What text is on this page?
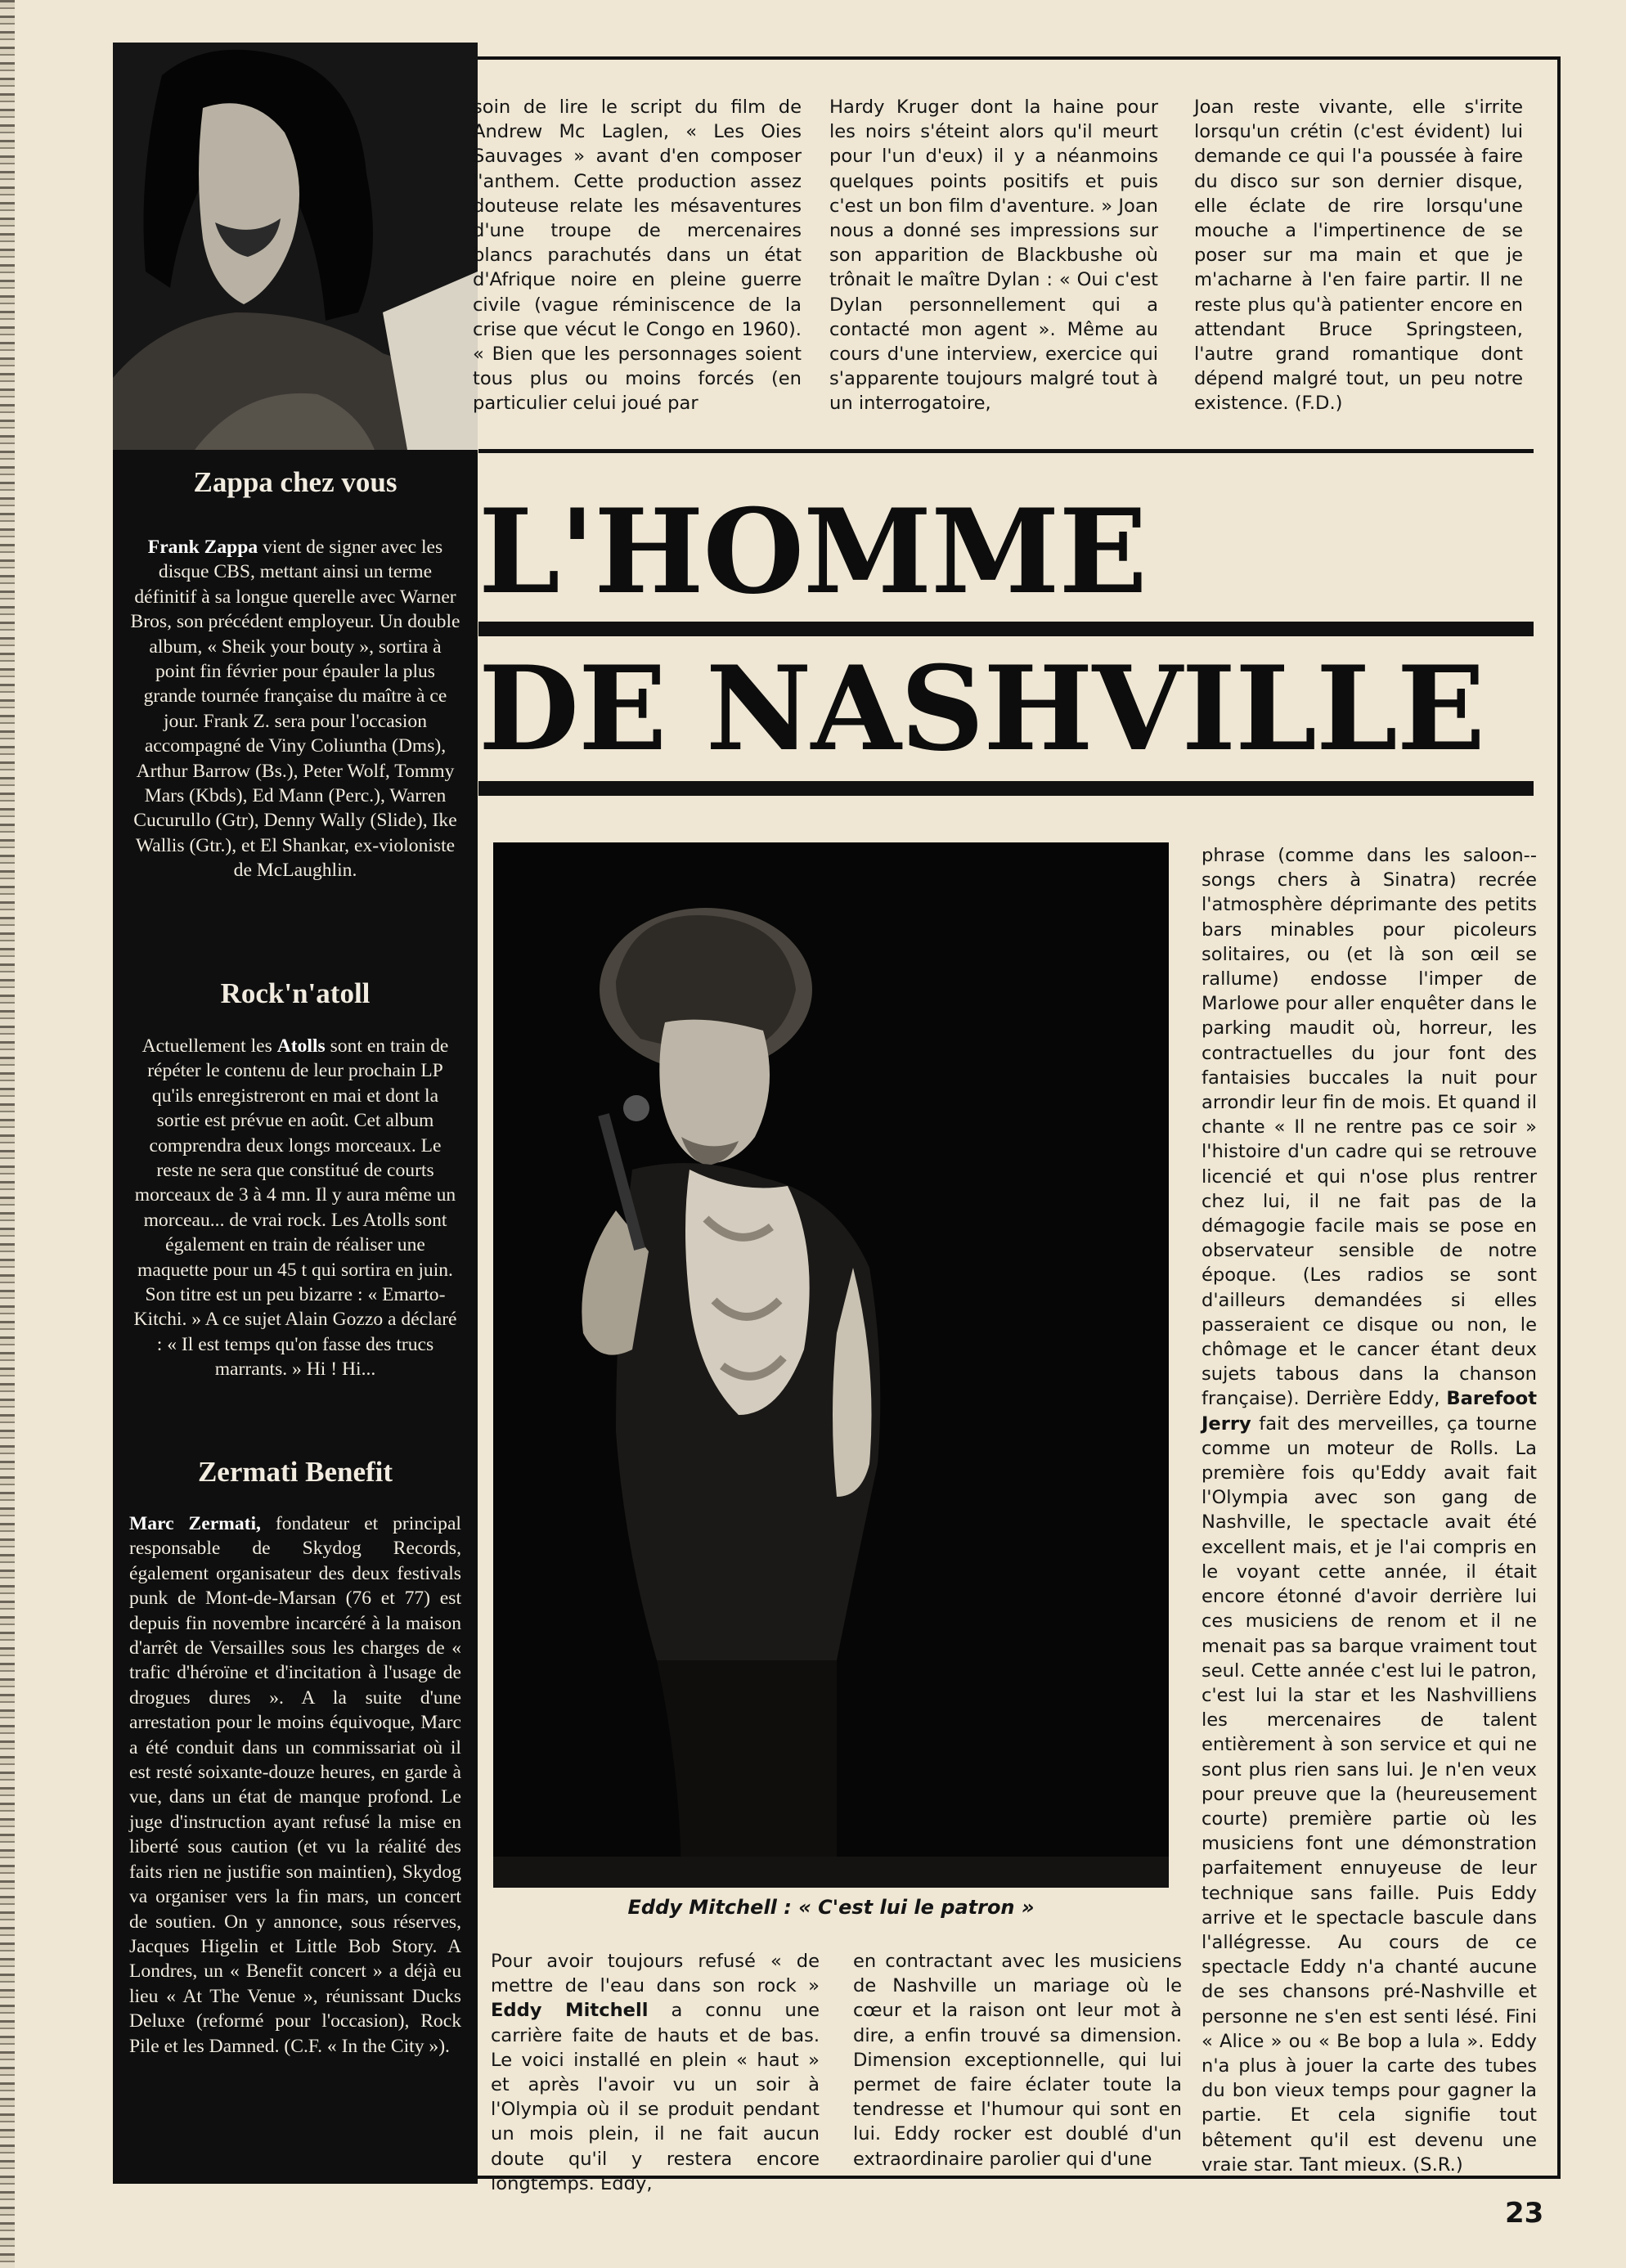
Zappa chez vous

Frank Zappa vient de signer avec les disque CBS, mettant ainsi un terme définitif à sa longue querelle avec Warner Bros, son précédent employeur. Un double album, « Sheik your bouty », sortira à point fin février pour épauler la plus grande tournée française du maître à ce jour. Frank Z. sera pour l'occasion accompagné de Viny Coliuntha (Dms), Arthur Barrow (Bs.), Peter Wolf, Tommy Mars (Kbds), Ed Mann (Perc.), Warren Cucurullo (Gtr), Denny Wally (Slide), Ike Wallis (Gtr.), et El Shankar, ex-violoniste de McLaughlin.

Rock'n'atoll

Actuellement les Atolls sont en train de répéter le contenu de leur prochain LP qu'ils enregistreront en mai et dont la sortie est prévue en août. Cet album comprendra deux longs morceaux. Le reste ne sera que constitué de courts morceaux de 3 à 4 mn. Il y aura même un morceau... de vrai rock. Les Atolls sont également en train de réaliser une maquette pour un 45 t qui sortira en juin. Son titre est un peu bizarre : « Emarto-Kitchi. » A ce sujet Alain Gozzo a déclaré : « Il est temps qu'on fasse des trucs marrants. » Hi ! Hi...

Zermati Benefit

Marc Zermati, fondateur et principal responsable de Skydog Records, également organisateur des deux festivals punk de Mont-de-Marsan (76 et 77) est depuis fin novembre incarcéré à la maison d'arrêt de Versailles sous les charges de « trafic d'héroïne et d'incitation à l'usage de drogues dures ». A la suite d'une arrestation pour le moins équivoque, Marc a été conduit dans un commissariat où il est resté soixante-douze heures, en garde à vue, dans un état de manque profond. Le juge d'instruction ayant refusé la mise en liberté sous caution (et vu la réalité des faits rien ne justifie son maintien), Skydog va organiser vers la fin mars, un concert de soutien. On y annonce, sous réserves, Jacques Higelin et Little Bob Story. A Londres, un « Benefit concert » a déjà eu lieu « At The Venue », réunissant Ducks Deluxe (reformé pour l'occasion), Rock Pile et les Damned. (C.F. « In the City »).

soin de lire le script du film de Andrew Mc Laglen, « Les Oies Sauvages » avant d'en composer l'anthem. Cette production assez douteuse relate les mésaventures d'une troupe de mercenaires blancs parachutés dans un état d'Afrique noire en pleine guerre civile (vague réminiscence de la crise que vécut le Congo en 1960). « Bien que les personnages soient tous plus ou moins forcés (en particulier celui joué par

Hardy Kruger dont la haine pour les noirs s'éteint alors qu'il meurt pour l'un d'eux) il y a néanmoins quelques points positifs et puis c'est un bon film d'aventure. » Joan nous a donné ses impressions sur son apparition de Blackbushe où trônait le maître Dylan : « Oui c'est Dylan personnellement qui a contacté mon agent ». Même au cours d'une interview, exercice qui s'apparente toujours malgré tout à un interrogatoire,

Joan reste vivante, elle s'irrite lorsqu'un crétin (c'est évident) lui demande ce qui l'a poussée à faire du disco sur son dernier disque, elle éclate de rire lorsqu'une mouche a l'impertinence de se poser sur ma main et que je m'acharne à l'en faire partir. Il ne reste plus qu'à patienter encore en attendant Bruce Springsteen, l'autre grand romantique dont dépend malgré tout, un peu notre existence. (F.D.)

L'HOMME
DE NASHVILLE

Eddy Mitchell : « C'est lui le patron »

Pour avoir toujours refusé « de mettre de l'eau dans son rock » Eddy Mitchell a connu une carrière faite de hauts et de bas. Le voici installé en plein « haut » et après l'avoir vu un soir à l'Olympia où il se produit pendant un mois plein, il ne fait aucun doute qu'il y restera encore longtemps. Eddy,

en contractant avec les musiciens de Nashville un mariage où le cœur et la raison ont leur mot à dire, a enfin trouvé sa dimension. Dimension exceptionnelle, qui lui permet de faire éclater toute la tendresse et l'humour qui sont en lui. Eddy rocker est doublé d'un extraordinaire parolier qui d'une

phrase (comme dans les saloon--songs chers à Sinatra) recrée l'atmosphère déprimante des petits bars minables pour picoleurs solitaires, ou (et là son œil se rallume) endosse l'imper de Marlowe pour aller enquêter dans le parking maudit où, horreur, les contractuelles du jour font des fantaisies buccales la nuit pour arrondir leur fin de mois. Et quand il chante « Il ne rentre pas ce soir » l'histoire d'un cadre qui se retrouve licencié et qui n'ose plus rentrer chez lui, il ne fait pas de la démagogie facile mais se pose en observateur sensible de notre époque. (Les radios se sont d'ailleurs demandées si elles passeraient ce disque ou non, le chômage et le cancer étant deux sujets tabous dans la chanson française). Derrière Eddy, Barefoot Jerry fait des merveilles, ça tourne comme un moteur de Rolls. La première fois qu'Eddy avait fait l'Olympia avec son gang de Nashville, le spectacle avait été excellent mais, et je l'ai compris en le voyant cette année, il était encore étonné d'avoir derrière lui ces musiciens de renom et il ne menait pas sa barque vraiment tout seul. Cette année c'est lui le patron, c'est lui la star et les Nashvilliens les mercenaires de talent entièrement à son service et qui ne sont plus rien sans lui. Je n'en veux pour preuve que la (heureusement courte) première partie où les musiciens font une démonstration parfaitement ennuyeuse de leur technique sans faille. Puis Eddy arrive et le spectacle bascule dans l'allégresse. Au cours de ce spectacle Eddy n'a chanté aucune de ses chansons pré-Nashville et personne ne s'en est senti lésé. Fini « Alice » ou « Be bop a lula ». Eddy n'a plus à jouer la carte des tubes du bon vieux temps pour gagner la partie. Et cela signifie tout bêtement qu'il est devenu une vraie star. Tant mieux. (S.R.)

23
